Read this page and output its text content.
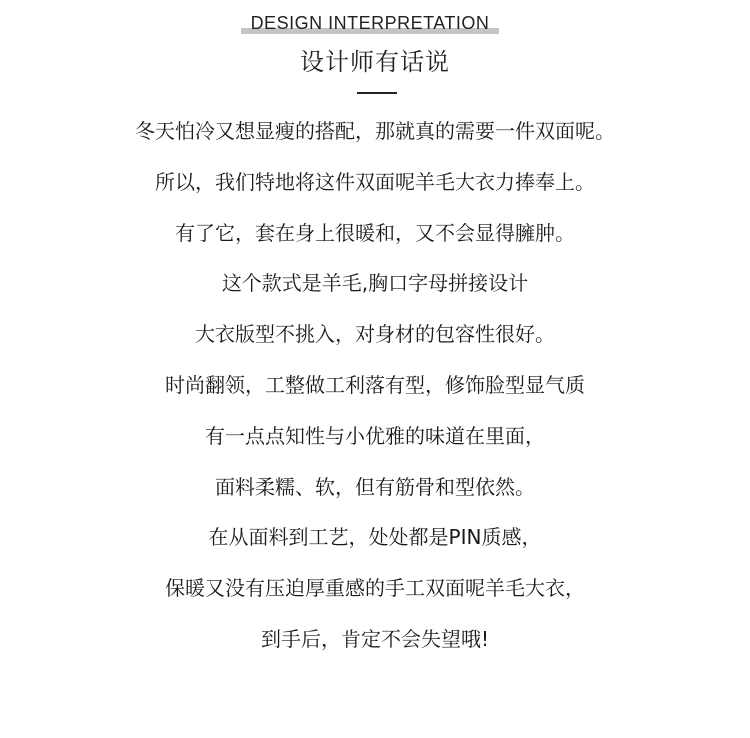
DESIGN INTERPRETATION
设计师有话说
冬天怕冷又想显瘦的搭配，那就真的需要一件双面呢。
所以，我们特地将这件双面呢羊毛大衣力捧奉上。
有了它，套在身上很暖和，又不会显得臃肿。
这个款式是羊毛,胸口字母拼接设计
大衣版型不挑入，对身材的包容性很好。
时尚翻领，工整做工利落有型，修饰脸型显气质
有一点点知性与小优雅的味道在里面，
面料柔糯、软，但有筋骨和型依然。
在从面料到工艺，处处都是PIN质感，
保暖又没有压迫厚重感的手工双面呢羊毛大衣，
到手后，肯定不会失望哦!
